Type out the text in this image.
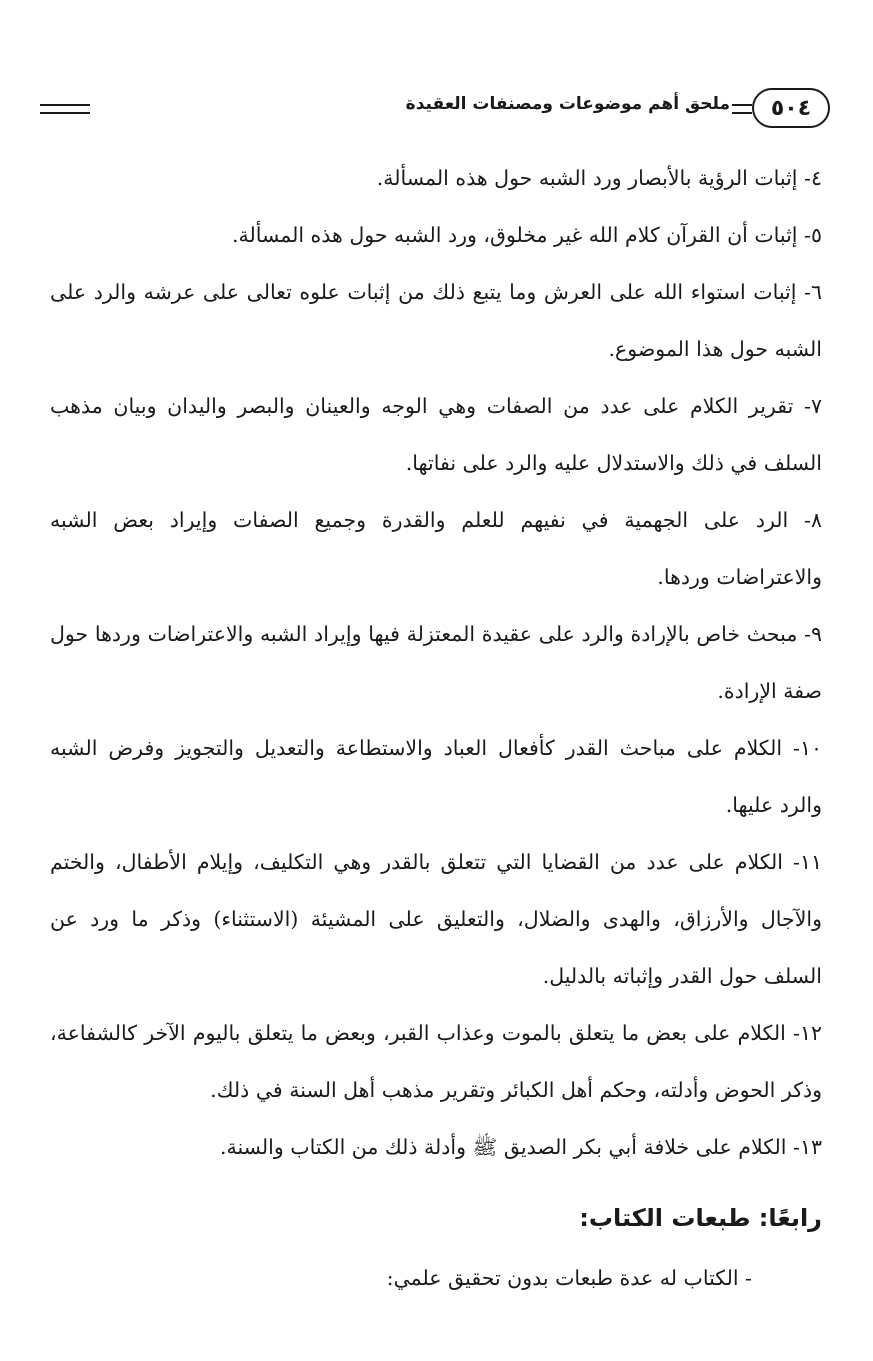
٥٠٤
ملحق أهم موضوعات ومصنفات العقيدة

٤- إثبات الرؤية بالأبصار ورد الشبه حول هذه المسألة.

٥- إثبات أن القرآن كلام الله غير مخلوق، ورد الشبه حول هذه المسألة.

٦- إثبات استواء الله على العرش وما يتبع ذلك من إثبات علوه تعالى على عرشه والرد على الشبه حول هذا الموضوع.

٧- تقرير الكلام على عدد من الصفات وهي الوجه والعينان والبصر واليدان وبيان مذهب السلف في ذلك والاستدلال عليه والرد على نفاتها.

٨- الرد على الجهمية في نفيهم للعلم والقدرة وجميع الصفات وإيراد بعض الشبه والاعتراضات وردها.

٩- مبحث خاص بالإرادة والرد على عقيدة المعتزلة فيها وإيراد الشبه والاعتراضات وردها حول صفة الإرادة.

١٠- الكلام على مباحث القدر كأفعال العباد والاستطاعة والتعديل والتجويز وفرض الشبه والرد عليها.

١١- الكلام على عدد من القضايا التي تتعلق بالقدر وهي التكليف، وإيلام الأطفال، والختم والآجال والأرزاق، والهدى والضلال، والتعليق على المشيئة (الاستثناء) وذكر ما ورد عن السلف حول القدر وإثباته بالدليل.

١٢- الكلام على بعض ما يتعلق بالموت وعذاب القبر، وبعض ما يتعلق باليوم الآخر كالشفاعة، وذكر الحوض وأدلته، وحكم أهل الكبائر وتقرير مذهب أهل السنة في ذلك.

١٣- الكلام على خلافة أبي بكر الصديق ﷺ وأدلة ذلك من الكتاب والسنة.

رابعًا: طبعات الكتاب:
- الكتاب له عدة طبعات بدون تحقيق علمي:
